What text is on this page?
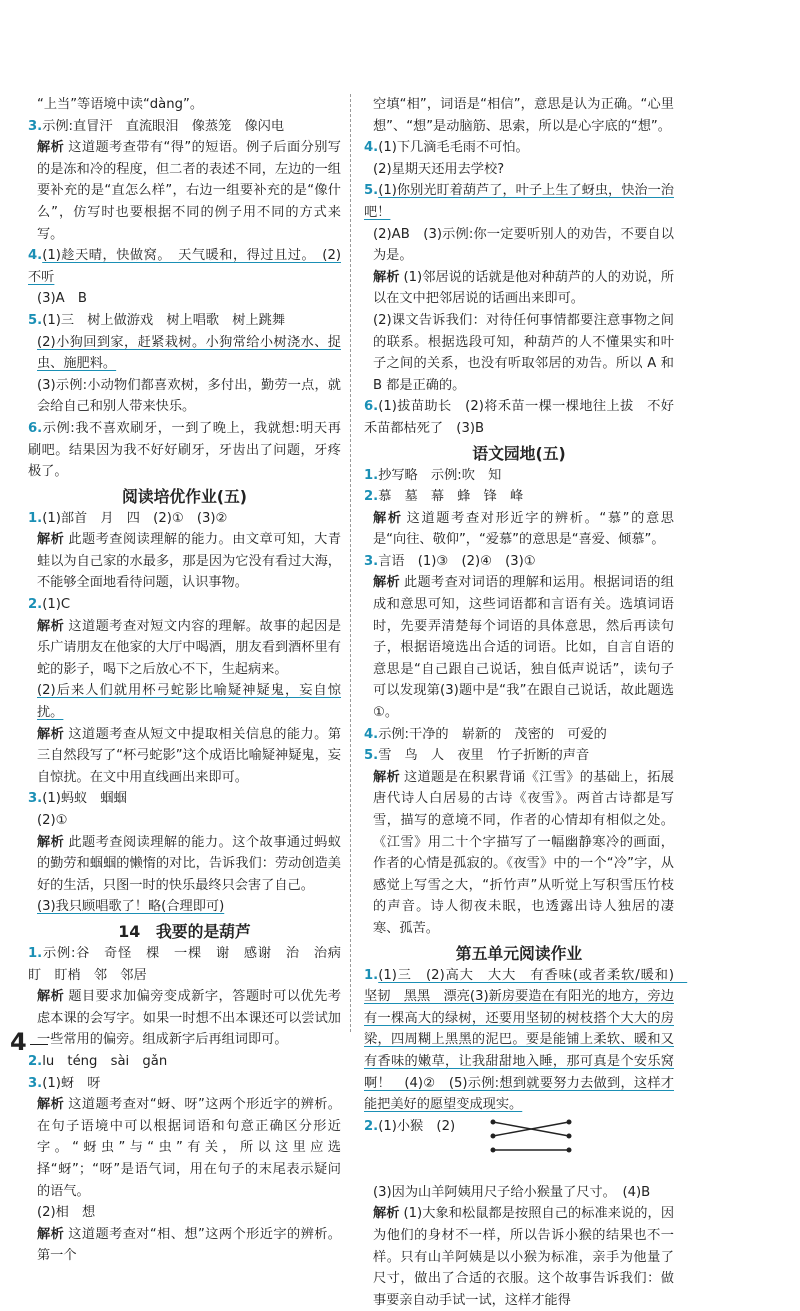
“上当”等语境中读“dàng”。

3.示例:直冒汗　直流眼泪　像蒸笼　像闪电

解析 这道题考查带有“得”的短语。例子后面分别写的是冻和冷的程度，但二者的表述不同，左边的一组要补充的是“直怎么样”，右边一组要补充的是“像什么”，仿写时也要根据不同的例子用不同的方式来写。

4.(1)趁天晴，快做窝。　天气暖和，得过且过。　(2)不听

(3)A　B

5.(1)三　树上做游戏　树上唱歌　树上跳舞

(2)小狗回到家，赶紧栽树。小狗常给小树浇水、捉虫、施肥料。

(3)示例:小动物们都喜欢树，多付出，勤劳一点，就会给自己和别人带来快乐。

6.示例:我不喜欢刷牙，一到了晚上，我就想:明天再刷吧。结果因为我不好好刷牙，牙齿出了问题，牙疼极了。

阅读培优作业(五)

1.(1)部首　月　四　(2)①　(3)②

解析 此题考查阅读理解的能力。由文章可知，大青蛙以为自己家的水最多，那是因为它没有看过大海，不能够全面地看待问题，认识事物。

2.(1)C

解析 这道题考查对短文内容的理解。故事的起因是乐广请朋友在他家的大厅中喝酒，朋友看到酒杯里有蛇的影子，喝下之后放心不下，生起病来。

(2)后来人们就用杯弓蛇影比喻疑神疑鬼，妄自惊扰。

解析 这道题考查从短文中提取相关信息的能力。第三自然段写了“杯弓蛇影”这个成语比喻疑神疑鬼，妄自惊扰。在文中用直线画出来即可。

3.(1)蚂蚁　蝈蝈

(2)①

解析 此题考查阅读理解的能力。这个故事通过蚂蚁的勤劳和蝈蝈的懒惰的对比，告诉我们：劳动创造美好的生活，只图一时的快乐最终只会害了自己。

(3)我只顾唱歌了！略(合理即可)

14　我要的是葫芦

1.示例:谷　奇怪　棵　一棵　谢　感谢　治　治病　盯　盯梢　邻　邻居

解析 题目要求加偏旁变成新字，答题时可以优先考虑本课的会写字。如果一时想不出本课还可以尝试加一些常用的偏旁。组成新字后再组词即可。

2.lu　téng　sài　gǎn

3.(1)蚜　呀

解析 这道题考查对“蚜、呀”这两个形近字的辨析。在句子语境中可以根据词语和句意正确区分形近字。“蚜虫”与“虫”有关，所以这里应选择“蚜”；“呀”是语气词，用在句子的末尾表示疑问的语气。

(2)相　想

解析 这道题考查对“相、想”这两个形近字的辨析。第一个

空填“相”，词语是“相信”，意思是认为正确。“心里想”、“想”是动脑筋、思索，所以是心字底的“想”。

4.(1)下几滴毛毛雨不可怕。

(2)星期天还用去学校?

5.(1)你别光盯着葫芦了，叶子上生了蚜虫，快治一治吧！

(2)AB　(3)示例:你一定要听别人的劝告，不要自以为是。

解析 (1)邻居说的话就是他对种葫芦的人的劝说，所以在文中把邻居说的话画出来即可。

(2)课文告诉我们：对待任何事情都要注意事物之间的联系。根据选段可知，种葫芦的人不懂果实和叶子之间的关系，也没有听取邻居的劝告。所以 A 和 B 都是正确的。

6.(1)拔苗助长　(2)将禾苗一棵一棵地往上拔　不好　禾苗都枯死了　(3)B

语文园地(五)

1.抄写略　示例:吹　知

2.慕　墓　幕　蜂　锋　峰

解析 这道题考查对形近字的辨析。“慕”的意思是“向往、敬仰”，“爱慕”的意思是“喜爱、倾慕”。

3.言语　(1)③　(2)④　(3)①

解析 此题考查对词语的理解和运用。根据词语的组成和意思可知，这些词语都和言语有关。选填词语时，先要弄清楚每个词语的具体意思，然后再读句子，根据语境选出合适的词语。比如，自言自语的意思是“自己跟自己说话，独自低声说话”，读句子可以发现第(3)题中是“我”在跟自己说话，故此题选①。

4.示例:干净的　崭新的　茂密的　可爱的

5.雪　鸟　人　夜里　竹子折断的声音

解析 这道题是在积累背诵《江雪》的基础上，拓展唐代诗人白居易的古诗《夜雪》。两首古诗都是写雪，描写的意境不同，作者的心情却有相似之处。《江雪》用二十个字描写了一幅幽静寒冷的画面，作者的心情是孤寂的。《夜雪》中的一个“冷”字，从感觉上写雪之大，“折竹声”从听觉上写积雪压竹枝的声音。诗人彻夜未眠，也透露出诗人独居的凄寒、孤苦。

第五单元阅读作业

1.(1)三　(2)高大　大大　有香味(或者柔软/暖和)　坚韧　黑黑　漂亮(3)新房要造在有阳光的地方，旁边有一棵高大的绿树，还要用坚韧的树枝搭个大大的房梁，四周糊上黑黑的泥巴。要是能铺上柔软、暖和又有香味的嫩草，让我甜甜地入睡，那可真是个安乐窝啊！　(4)②　(5)示例:想到就要努力去做到，这样才能把美好的愿望变成现实。

2.(1)小猴　(2)

(3)因为山羊阿姨用尺子给小猴量了尺寸。　(4)B

解析 (1)大象和松鼠都是按照自己的标准来说的，因为他们的身材不一样，所以告诉小猴的结果也不一样。只有山羊阿姨是以小猴为标准，亲手为他量了尺寸，做出了合适的衣服。这个故事告诉我们：做事要亲自动手试一试，这样才能得

4
